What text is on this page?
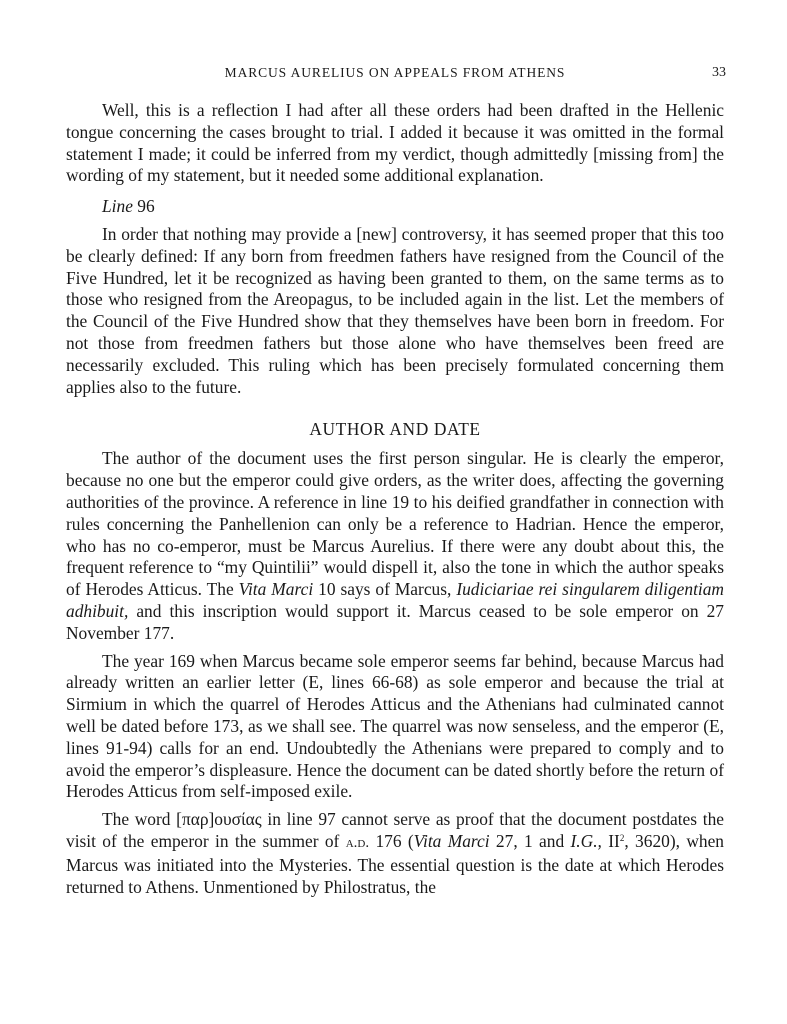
MARCUS AURELIUS ON APPEALS FROM ATHENS	33

Well, this is a reflection I had after all these orders had been drafted in the Hellenic tongue concerning the cases brought to trial. I added it because it was omitted in the formal statement I made; it could be inferred from my verdict, though admittedly [missing from] the wording of my statement, but it needed some additional explanation.

Line 96

In order that nothing may provide a [new] controversy, it has seemed proper that this too be clearly defined: If any born from freedmen fathers have resigned from the Council of the Five Hundred, let it be recognized as having been granted to them, on the same terms as to those who resigned from the Areopagus, to be included again in the list. Let the members of the Council of the Five Hundred show that they themselves have been born in freedom. For not those from freedmen fathers but those alone who have themselves been freed are necessarily excluded. This ruling which has been precisely formulated concerning them applies also to the future.

AUTHOR AND DATE

The author of the document uses the first person singular. He is clearly the emperor, because no one but the emperor could give orders, as the writer does, affecting the governing authorities of the province. A reference in line 19 to his deified grandfather in connection with rules concerning the Panhellenion can only be a reference to Hadrian. Hence the emperor, who has no co-emperor, must be Marcus Aurelius. If there were any doubt about this, the frequent reference to “my Quintilii” would dispell it, also the tone in which the author speaks of Herodes Atticus. The Vita Marci 10 says of Marcus, Iudiciariae rei singularem diligentiam adhibuit, and this inscription would support it. Marcus ceased to be sole emperor on 27 November 177.

The year 169 when Marcus became sole emperor seems far behind, because Marcus had already written an earlier letter (E, lines 66-68) as sole emperor and because the trial at Sirmium in which the quarrel of Herodes Atticus and the Athenians had culminated cannot well be dated before 173, as we shall see. The quarrel was now senseless, and the emperor (E, lines 91-94) calls for an end. Undoubtedly the Athenians were prepared to comply and to avoid the emperor’s displeasure. Hence the document can be dated shortly before the return of Herodes Atticus from self-imposed exile.

The word [παρ]ουσίας in line 97 cannot serve as proof that the document postdates the visit of the emperor in the summer of a.d. 176 (Vita Marci 27, 1 and I.G., $II^2$, 3620), when Marcus was initiated into the Mysteries. The essential question is the date at which Herodes returned to Athens. Unmentioned by Philostratus, the
